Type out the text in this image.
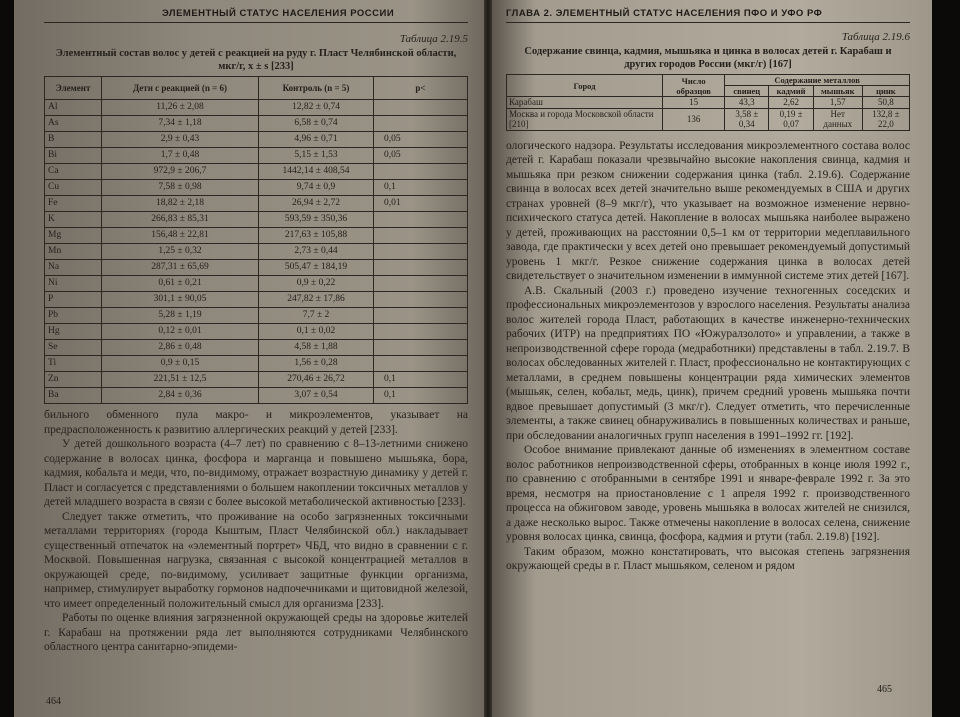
ЭЛЕМЕНТНЫЙ СТАТУС НАСЕЛЕНИЯ РОССИИ
Таблица 2.19.5
Элементный состав волос у детей с реакцией на руду г. Пласт Челябинской области, мкг/г, x ± s [233]
Элемент	Дети с реакцией (n = 6)	Контроль (n = 5)	p<
Al	11,26 ± 2,08	12,82 ± 0,74	
As	7,34 ± 1,18	6,58 ± 0,74	
B	2,9 ± 0,43	4,96 ± 0,71	0,05
Bi	1,7 ± 0,48	5,15 ± 1,53	0,05
Ca	972,9 ± 206,7	1442,14 ± 408,54	
Cu	7,58 ± 0,98	9,74 ± 0,9	0,1
Fe	18,82 ± 2,18	26,94 ± 2,72	0,01
K	266,83 ± 85,31	593,59 ± 350,36	
Mg	156,48 ± 22,81	217,63 ± 105,88	
Mn	1,25 ± 0,32	2,73 ± 0,44	
Na	287,31 ± 65,69	505,47 ± 184,19	
Ni	0,61 ± 0,21	0,9 ± 0,22	
P	301,1 ± 90,05	247,82 ± 17,86	
Pb	5,28 ± 1,19	7,7 ± 2	
Hg	0,12 ± 0,01	0,1 ± 0,02	
Se	2,86 ± 0,48	4,58 ± 1,88	
Ti	0,9 ± 0,15	1,56 ± 0,28	
Zn	221,51 ± 12,5	270,46 ± 26,72	0,1
Ba	2,84 ± 0,36	3,07 ± 0,54	0,1

бильного обменного пула макро- и микроэлементов, указывает на предрасположенность к развитию аллергических реакций у детей [233].

У детей дошкольного возраста (4–7 лет) по сравнению с 8–13-летними снижено содержание в волосах цинка, фосфора и марганца и повышено мышьяка, бора, кадмия, кобальта и меди, что, по-видимому, отражает возрастную динамику у детей г. Пласт и согласуется с представлениями о большем накоплении токсичных металлов у детей младшего возраста в связи с более высокой метаболической активностью [233].

Следует также отметить, что проживание на особо загрязненных токсичными металлами территориях (города Кыштым, Пласт Челябинской обл.) накладывает существенный отпечаток на «элементный портрет» ЧБД, что видно в сравнении с г. Москвой. Повышенная нагрузка, связанная с высокой концентрацией металлов в окружающей среде, по-видимому, усиливает защитные функции организма, например, стимулирует выработку гормонов надпочечниками и щитовидной железой, что имеет определенный положительный смысл для организма [233].

Работы по оценке влияния загрязненной окружающей среды на здоровье жителей г. Карабаш на протяжении ряда лет выполняются сотрудниками Челябинского областного центра санитарно-эпидеми-

464
ГЛАВА 2. ЭЛЕМЕНТНЫЙ СТАТУС НАСЕЛЕНИЯ ПФО И УФО РФ
Таблица 2.19.6
Содержание свинца, кадмия, мышьяка и цинка в волосах детей г. Карабаш и других городов России (мкг/г) [167]
Город	Число образцов	Содержание металлов			
		свинец	кадмий	мышьяк	цинк
Карабаш	15	43,3	2,62	1,57	50,8
Москва и города Московской области [210]	136	3,58 ± 0,34	0,19 ± 0,07	Нет данных	132,8 ± 22,0

ологического надзора. Результаты исследования микроэлементного состава волос детей г. Карабаш показали чрезвычайно высокие накопления свинца, кадмия и мышьяка при резком снижении содержания цинка (табл. 2.19.6). Содержание свинца в волосах всех детей значительно выше рекомендуемых в США и других странах уровней (8–9 мкг/г), что указывает на возможное изменение нервно-психического статуса детей. Накопление в волосах мышьяка наиболее выражено у детей, проживающих на расстоянии 0,5–1 км от территории медеплавильного завода, где практически у всех детей оно превышает рекомендуемый допустимый уровень 1 мкг/г. Резкое снижение содержания цинка в волосах детей свидетельствует о значительном изменении в иммунной системе этих детей [167].

А.В. Скальный (2003 г.) проведено изучение техногенных соседских и профессиональных микроэлементозов у взрослого населения. Результаты анализа волос жителей города Пласт, работающих в качестве инженерно-технических рабочих (ИТР) на предприятиях ПО «Южуралзолото» и управлении, а также в непроизводственной сфере города (медработники) представлены в табл. 2.19.7. В волосах обследованных жителей г. Пласт, профессионально не контактирующих с металлами, в среднем повышены концентрации ряда химических элементов (мышьяк, селен, кобальт, медь, цинк), причем средний уровень мышьяка почти вдвое превышает допустимый (3 мкг/г). Следует отметить, что перечисленные элементы, а также свинец обнаруживались в повышенных количествах и раньше, при обследовании аналогичных групп населения в 1991–1992 гг. [192].

Особое внимание привлекают данные об изменениях в элементном составе волос работников непроизводственной сферы, отобранных в конце июля 1992 г., по сравнению с отобранными в сентябре 1991 и январе-феврале 1992 г. За это время, несмотря на приостановление с 1 апреля 1992 г. производственного процесса на обжиговом заводе, уровень мышьяка в волосах жителей не снизился, а даже несколько вырос. Также отмечены накопление в волосах селена, снижение уровня волосах цинка, свинца, фосфора, кадмия и ртути (табл. 2.19.8) [192].

Таким образом, можно констатировать, что высокая степень загрязнения окружающей среды в г. Пласт мышьяком, селеном и рядом

465
